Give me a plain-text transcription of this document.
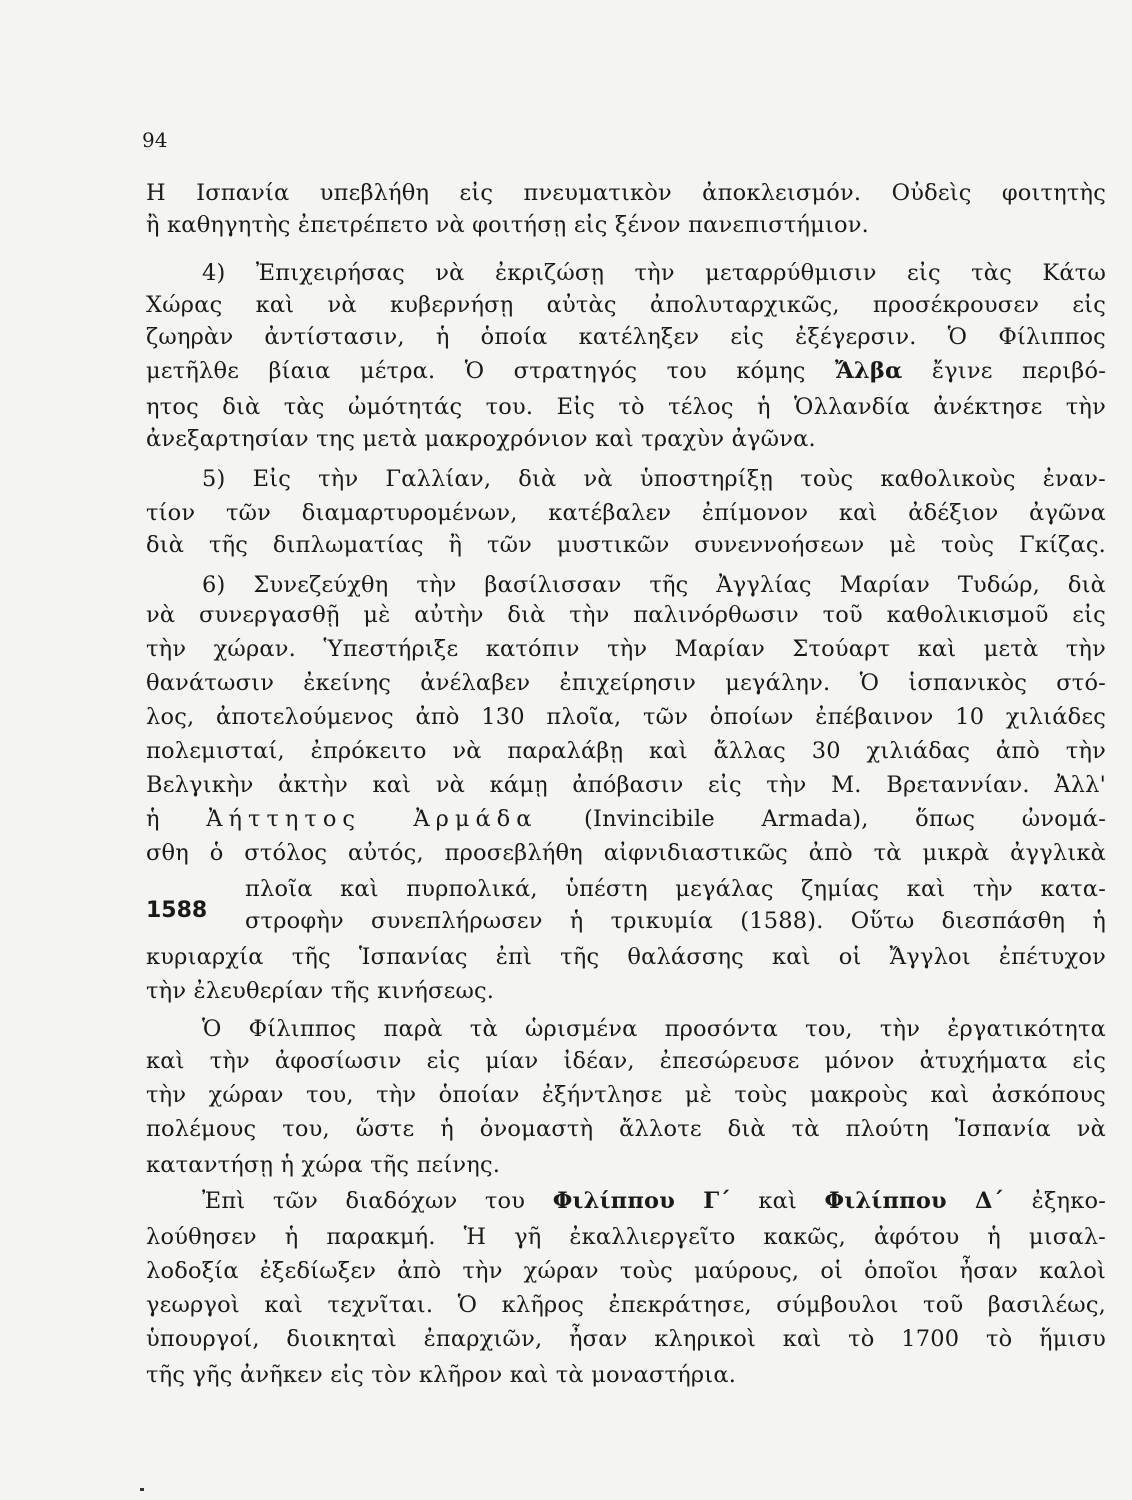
94
Η Ισπανία υπεβλήθη εἰς πνευματικὸν ἀποκλεισμόν. Οὐδεὶς φοιτητὴς
ἢ καθηγητὴς ἐπετρέπετο νὰ φοιτήσῃ εἰς ξένον πανεπιστήμιον.
4) Ἐπιχειρήσας νὰ ἐκριζώσῃ τὴν μεταρρύθμισιν εἰς τὰς Κάτω
Χώρας καὶ νὰ κυβερνήσῃ αὐτὰς ἀπολυταρχικῶς, προσέκρουσεν εἰς
ζωηρὰν ἀντίστασιν, ἡ ὁποία κατέληξεν εἰς ἐξέγερσιν. Ὁ Φίλιππος
μετῆλθε βίαια μέτρα. Ὁ στρατηγός του κόμης Ἄλβα ἔγινε περιβό-
ητος διὰ τὰς ὠμότητάς του. Εἰς τὸ τέλος ἡ Ὁλλανδία ἀνέκτησε τὴν
ἀνεξαρτησίαν της μετὰ μακροχρόνιον καὶ τραχὺν ἀγῶνα.
5) Εἰς τὴν Γαλλίαν, διὰ νὰ ὑποστηρίξῃ τοὺς καθολικοὺς ἐναν-
τίον τῶν διαμαρτυρομένων, κατέβαλεν ἐπίμονον καὶ ἀδέξιον ἀγῶνα
διὰ τῆς διπλωματίας ἢ τῶν μυστικῶν συνεννοήσεων μὲ τοὺς Γκίζας.
6) Συνεζεύχθη τὴν βασίλισσαν τῆς Ἀγγλίας Μαρίαν Τυδώρ, διὰ
νὰ συνεργασθῇ μὲ αὐτὴν διὰ τὴν παλινόρθωσιν τοῦ καθολικισμοῦ εἰς
τὴν χώραν. Ὑπεστήριξε κατόπιν τὴν Μαρίαν Στούαρτ καὶ μετὰ τὴν
θανάτωσιν ἐκείνης ἀνέλαβεν ἐπιχείρησιν μεγάλην. Ὁ ἱσπανικὸς στό-
λος, ἀποτελούμενος ἀπὸ 130 πλοῖα, τῶν ὁποίων ἐπέβαινον 10 χιλιάδες
πολεμισταί, ἐπρόκειτο νὰ παραλάβῃ καὶ ἄλλας 30 χιλιάδας ἀπὸ τὴν
Βελγικὴν ἀκτὴν καὶ νὰ κάμῃ ἀπόβασιν εἰς τὴν Μ. Βρεταννίαν. Ἀλλ'
ἡ Ἀήττητος Ἀρμάδα (Invincibile Armada), ὅπως ὠνομά-
σθη ὁ στόλος αὐτός, προσεβλήθη αἰφνιδιαστικῶς ἀπὸ τὰ μικρὰ ἀγγλικὰ
1588
πλοῖα καὶ πυρπολικά, ὑπέστη μεγάλας ζημίας καὶ τὴν κατα-
στροφὴν συνεπλήρωσεν ἡ τρικυμία (1588). Οὕτω διεσπάσθη ἡ
κυριαρχία τῆς Ἱσπανίας ἐπὶ τῆς θαλάσσης καὶ οἱ Ἄγγλοι ἐπέτυχον
τὴν ἐλευθερίαν τῆς κινήσεως.
Ὁ Φίλιππος παρὰ τὰ ὡρισμένα προσόντα του, τὴν ἐργατικότητα
καὶ τὴν ἀφοσίωσιν εἰς μίαν ἰδέαν, ἐπεσώρευσε μόνον ἀτυχήματα εἰς
τὴν χώραν του, τὴν ὁποίαν ἐξήντλησε μὲ τοὺς μακροὺς καὶ ἀσκόπους
πολέμους του, ὥστε ἡ ὀνομαστὴ ἄλλοτε διὰ τὰ πλούτη Ἱσπανία νὰ
καταντήσῃ ἡ χώρα τῆς πείνης.
Ἐπὶ τῶν διαδόχων του Φιλίππου Γ΄ καὶ Φιλίππου Δ΄ ἐξηκο-
λούθησεν ἡ παρακμή. Ἡ γῆ ἐκαλλιεργεῖτο κακῶς, ἀφότου ἡ μισαλ-
λοδοξία ἐξεδίωξεν ἀπὸ τὴν χώραν τοὺς μαύρους, οἱ ὁποῖοι ἦσαν καλοὶ
γεωργοὶ καὶ τεχνῖται. Ὁ κλῆρος ἐπεκράτησε, σύμβουλοι τοῦ βασιλέως,
ὑπουργοί, διοικηταὶ ἐπαρχιῶν, ἦσαν κληρικοὶ καὶ τὸ 1700 τὸ ἥμισυ
τῆς γῆς ἀνῆκεν εἰς τὸν κλῆρον καὶ τὰ μοναστήρια.
